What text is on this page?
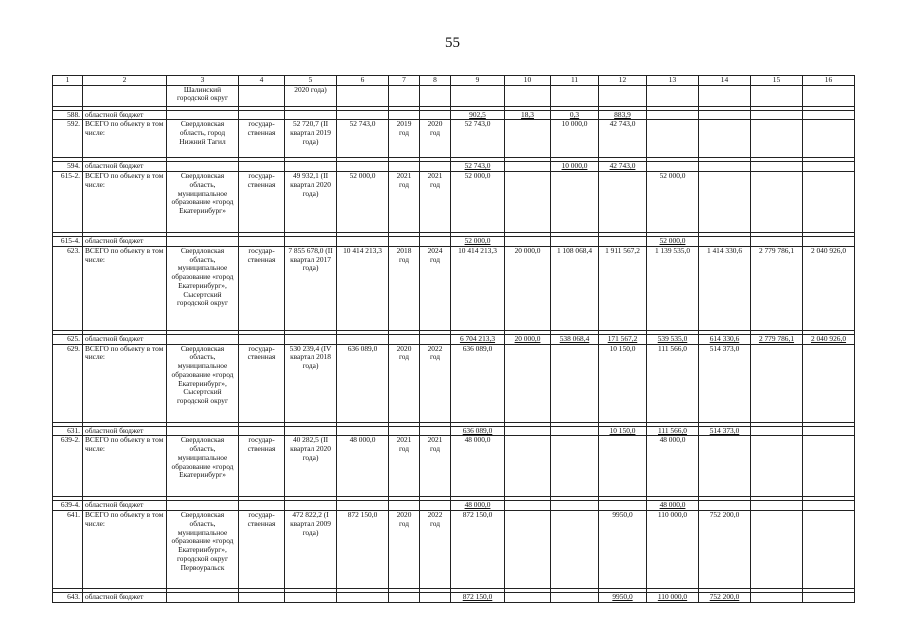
55
1	2	3	4	5	6	7	8	9	10	11	12	13	14	15	16
		Шалинский городской округ		2020 года)											

588.	областной бюджет							902,5	18,3	0,3	883,9				
592.	ВСЕГО по объекту в том числе:	Свердловская область, город Нижний Тагил	государ-ственная	52 720,7 (II квартал 2019 года)	52 743,0	2019 год	2020 год	52 743,0		10 000,0	42 743,0				

594.	областной бюджет							52 743,0		10 000,0	42 743,0				
615-2.	ВСЕГО по объекту в том числе:	Свердловская область, муниципальное образование «город Екатеринбург»	государ-ственная	49 932,1 (II квартал 2020 года)	52 000,0	2021 год	2021 год	52 000,0				52 000,0			

615-4.	областной бюджет							52 000,0				52 000,0			
623.	ВСЕГО по объекту в том числе:	Свердловская область, муниципальное образование «город Екатеринбург», Сысертский городской округ	государ-ственная	7 855 678,0 (II квартал 2017 года)	10 414 213,3	2018 год	2024 год	10 414 213,3	20 000,0	1 108 068,4	1 911 567,2	1 139 535,0	1 414 330,6	2 779 786,1	2 040 926,0

625.	областной бюджет							6 704 213,3	20 000,0	538 068,4	171 567,2	539 535,0	614 330,6	2 779 786,1	2 040 926,0
629.	ВСЕГО по объекту в том числе:	Свердловская область, муниципальное образование «город Екатеринбург», Сысертский городской округ	государ-ственная	530 239,4 (IV квартал 2018 года)	636 089,0	2020 год	2022 год	636 089,0			10 150,0	111 566,0	514 373,0		

631.	областной бюджет							636 089,0			10 150,0	111 566,0	514 373,0		
639-2.	ВСЕГО по объекту в том числе:	Свердловская область, муниципальное образование «город Екатеринбург»	государ-ственная	40 282,5 (II квартал 2020 года)	48 000,0	2021 год	2021 год	48 000,0				48 000,0			

639-4.	областной бюджет							48 000,0				48 000,0			
641.	ВСЕГО по объекту в том числе:	Свердловская область, муниципальное образование «город Екатеринбург», городской округ Первоуральск	государ-ственная	472 822,2 (I квартал 2009 года)	872 150,0	2020 год	2022 год	872 150,0			9950,0	110 000,0	752 200,0		

643.	областной бюджет							872 150,0			9950,0	110 000,0	752 200,0		
